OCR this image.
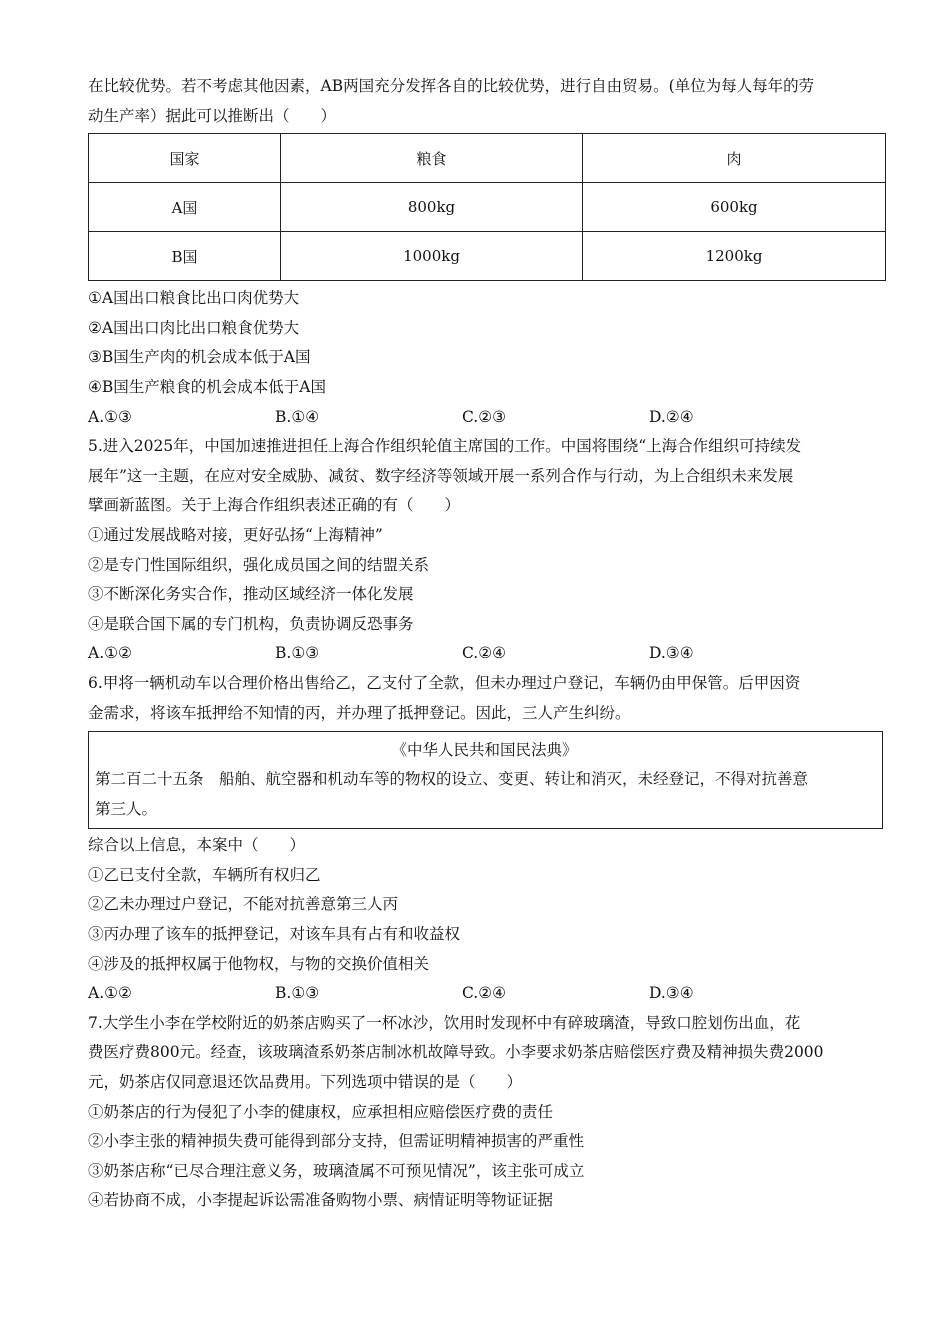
在比较优势。若不考虑其他因素，AB两国充分发挥各自的比较优势，进行自由贸易。(单位为每人每年的劳
动生产率）据此可以推断出（　　）
国家	粮食	肉
A国	800kg	600kg
B国	1000kg	1200kg
①A国出口粮食比出口肉优势大
②A国出口肉比出口粮食优势大
③B国生产肉的机会成本低于A国
④B国生产粮食的机会成本低于A国
A.①③	B.①④	C.②③	D.②④
5.进入2025年，中国加速推进担任上海合作组织轮值主席国的工作。中国将围绕“上海合作组织可持续发
展年”这一主题，在应对安全威胁、减贫、数字经济等领域开展一系列合作与行动，为上合组织未来发展
擘画新蓝图。关于上海合作组织表述正确的有（　　）
①通过发展战略对接，更好弘扬“上海精神”
②是专门性国际组织，强化成员国之间的结盟关系
③不断深化务实合作，推动区域经济一体化发展
④是联合国下属的专门机构，负责协调反恐事务
A.①②	B.①③	C.②④	D.③④
6.甲将一辆机动车以合理价格出售给乙，乙支付了全款，但未办理过户登记，车辆仍由甲保管。后甲因资
金需求，将该车抵押给不知情的丙，并办理了抵押登记。因此，三人产生纠纷。
《中华人民共和国民法典》
第二百二十五条　船舶、航空器和机动车等的物权的设立、变更、转让和消灭，未经登记，不得对抗善意
第三人。
综合以上信息，本案中（　　）
①乙已支付全款，车辆所有权归乙
②乙未办理过户登记，不能对抗善意第三人丙
③丙办理了该车的抵押登记，对该车具有占有和收益权
④涉及的抵押权属于他物权，与物的交换价值相关
A.①②	B.①③	C.②④	D.③④
7.大学生小李在学校附近的奶茶店购买了一杯冰沙，饮用时发现杯中有碎玻璃渣，导致口腔划伤出血，花
费医疗费800元。经查，该玻璃渣系奶茶店制冰机故障导致。小李要求奶茶店赔偿医疗费及精神损失费2000
元，奶茶店仅同意退还饮品费用。下列选项中错误的是（　　）
①奶茶店的行为侵犯了小李的健康权，应承担相应赔偿医疗费的责任
②小李主张的精神损失费可能得到部分支持，但需证明精神损害的严重性
③奶茶店称“已尽合理注意义务，玻璃渣属不可预见情况”，该主张可成立
④若协商不成，小李提起诉讼需准备购物小票、病情证明等物证证据
